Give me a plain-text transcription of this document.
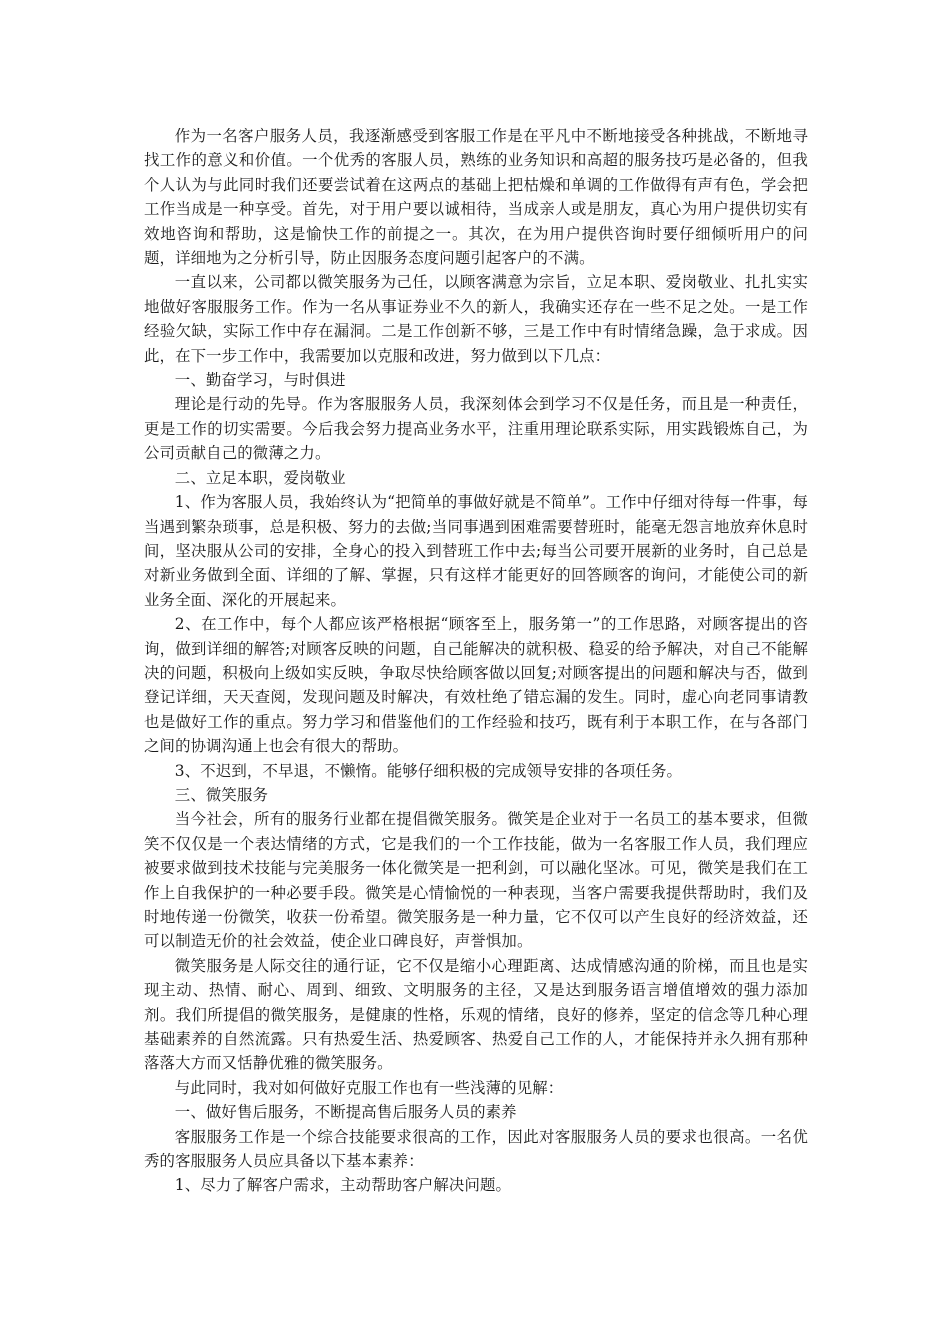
作为一名客户服务人员，我逐渐感受到客服工作是在平凡中不断地接受各种挑战，不断地寻找工作的意义和价值。一个优秀的客服人员，熟练的业务知识和高超的服务技巧是必备的，但我个人认为与此同时我们还要尝试着在这两点的基础上把枯燥和单调的工作做得有声有色，学会把工作当成是一种享受。首先，对于用户要以诚相待，当成亲人或是朋友，真心为用户提供切实有效地咨询和帮助，这是愉快工作的前提之一。其次，在为用户提供咨询时要仔细倾听用户的问题，详细地为之分析引导，防止因服务态度问题引起客户的不满。

一直以来，公司都以微笑服务为己任，以顾客满意为宗旨，立足本职、爱岗敬业、扎扎实实地做好客服服务工作。作为一名从事证券业不久的新人，我确实还存在一些不足之处。一是工作经验欠缺，实际工作中存在漏洞。二是工作创新不够，三是工作中有时情绪急躁，急于求成。因此，在下一步工作中，我需要加以克服和改进，努力做到以下几点：

一、勤奋学习，与时俱进

理论是行动的先导。作为客服服务人员，我深刻体会到学习不仅是任务，而且是一种责任，更是工作的切实需要。今后我会努力提高业务水平，注重用理论联系实际，用实践锻炼自己，为公司贡献自己的微薄之力。

二、立足本职，爱岗敬业

1、作为客服人员，我始终认为“把简单的事做好就是不简单”。工作中仔细对待每一件事，每当遇到繁杂琐事，总是积极、努力的去做;当同事遇到困难需要替班时，能毫无怨言地放弃休息时间，坚决服从公司的安排，全身心的投入到替班工作中去;每当公司要开展新的业务时，自己总是对新业务做到全面、详细的了解、掌握，只有这样才能更好的回答顾客的询问，才能使公司的新业务全面、深化的开展起来。

2、在工作中，每个人都应该严格根据“顾客至上，服务第一”的工作思路，对顾客提出的咨询，做到详细的解答;对顾客反映的问题，自己能解决的就积极、稳妥的给予解决，对自己不能解决的问题，积极向上级如实反映，争取尽快给顾客做以回复;对顾客提出的问题和解决与否，做到登记详细，天天查阅，发现问题及时解决，有效杜绝了错忘漏的发生。同时，虚心向老同事请教也是做好工作的重点。努力学习和借鉴他们的工作经验和技巧，既有利于本职工作，在与各部门之间的协调沟通上也会有很大的帮助。

3、不迟到，不早退，不懒惰。能够仔细积极的完成领导安排的各项任务。

三、微笑服务

当今社会，所有的服务行业都在提倡微笑服务。微笑是企业对于一名员工的基本要求，但微笑不仅仅是一个表达情绪的方式，它是我们的一个工作技能，做为一名客服工作人员，我们理应被要求做到技术技能与完美服务一体化微笑是一把利剑，可以融化坚冰。可见，微笑是我们在工作上自我保护的一种必要手段。微笑是心情愉悦的一种表现，当客户需要我提供帮助时，我们及时地传递一份微笑，收获一份希望。微笑服务是一种力量，它不仅可以产生良好的经济效益，还可以制造无价的社会效益，使企业口碑良好，声誉惧加。

微笑服务是人际交往的通行证，它不仅是缩小心理距离、达成情感沟通的阶梯，而且也是实现主动、热情、耐心、周到、细致、文明服务的主径，又是达到服务语言增值增效的强力添加剂。我们所提倡的微笑服务，是健康的性格，乐观的情绪，良好的修养，坚定的信念等几种心理基础素养的自然流露。只有热爱生活、热爱顾客、热爱自己工作的人，才能保持并永久拥有那种落落大方而又恬静优雅的微笑服务。

与此同时，我对如何做好克服工作也有一些浅薄的见解：

一、做好售后服务，不断提高售后服务人员的素养

客服服务工作是一个综合技能要求很高的工作，因此对客服服务人员的要求也很高。一名优秀的客服服务人员应具备以下基本素养：

1、尽力了解客户需求，主动帮助客户解决问题。
